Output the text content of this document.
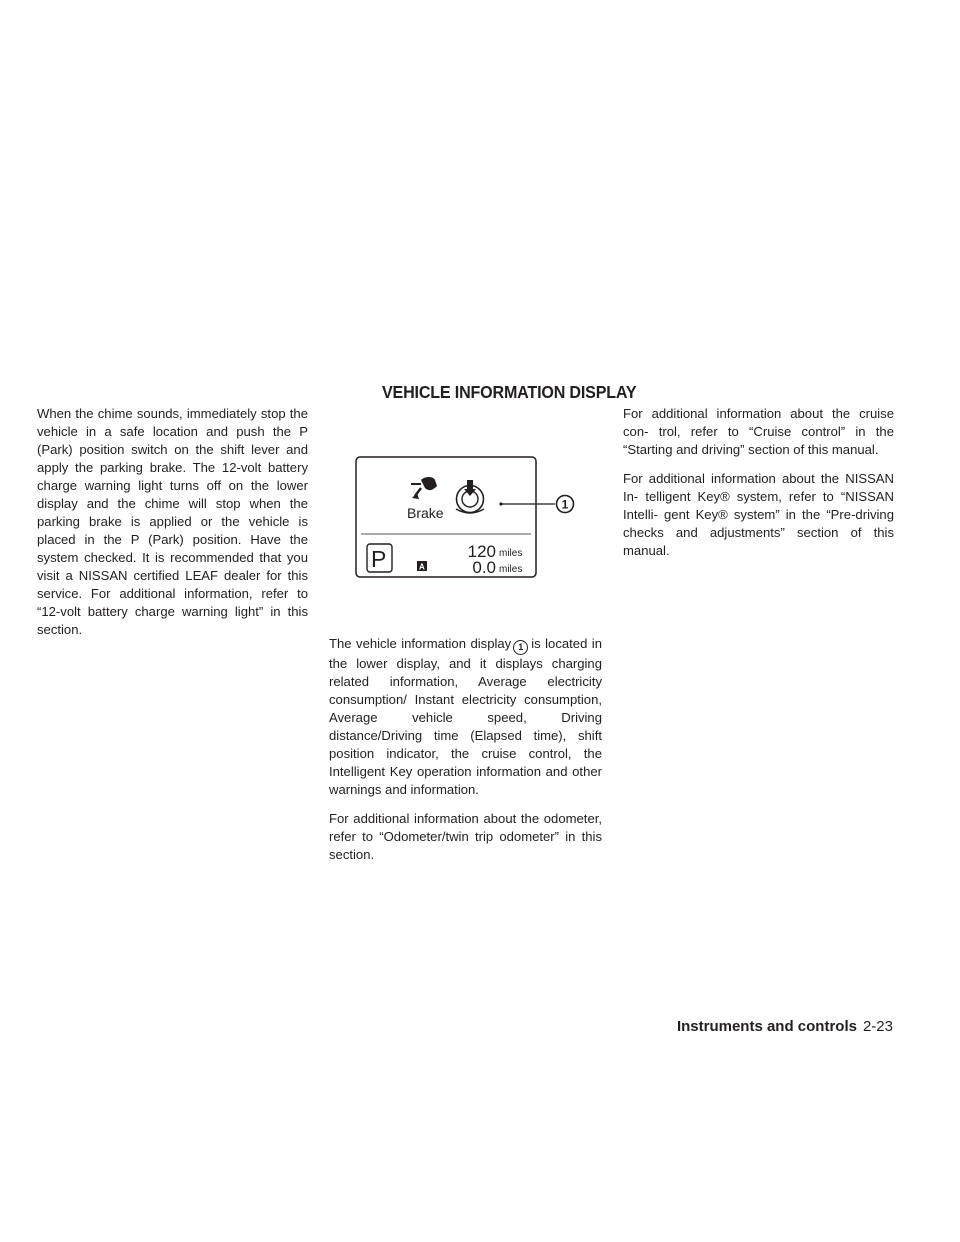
When the chime sounds, immediately stop the vehicle in a safe location and push the P (Park) position switch on the shift lever and apply the parking brake. The 12-volt battery charge warning light turns off on the lower display and the chime will stop when the parking brake is applied or the vehicle is placed in the P (Park) position. Have the system checked. It is recommended that you visit a NISSAN certified LEAF dealer for this service. For additional information, refer to “12-volt battery charge warning light” in this section.

VEHICLE INFORMATION DISPLAY
Brake
P	A
120 miles
0.0 miles
1

The vehicle information display 1 is located in the lower display, and it displays charging related information, Average electricity consumption/ Instant electricity consumption, Average vehicle speed, Driving distance/Driving time (Elapsed time), shift position indicator, the cruise control, the Intelligent Key operation information and other warnings and information.

For additional information about the odometer, refer to “Odometer/twin trip odometer” in this section.

For additional information about the cruise con- trol, refer to “Cruise control” in the “Starting and driving” section of this manual.

For additional information about the NISSAN In- telligent Key® system, refer to “NISSAN Intelli- gent Key® system” in the “Pre-driving checks and adjustments” section of this manual.

Instruments and controls 2-23
